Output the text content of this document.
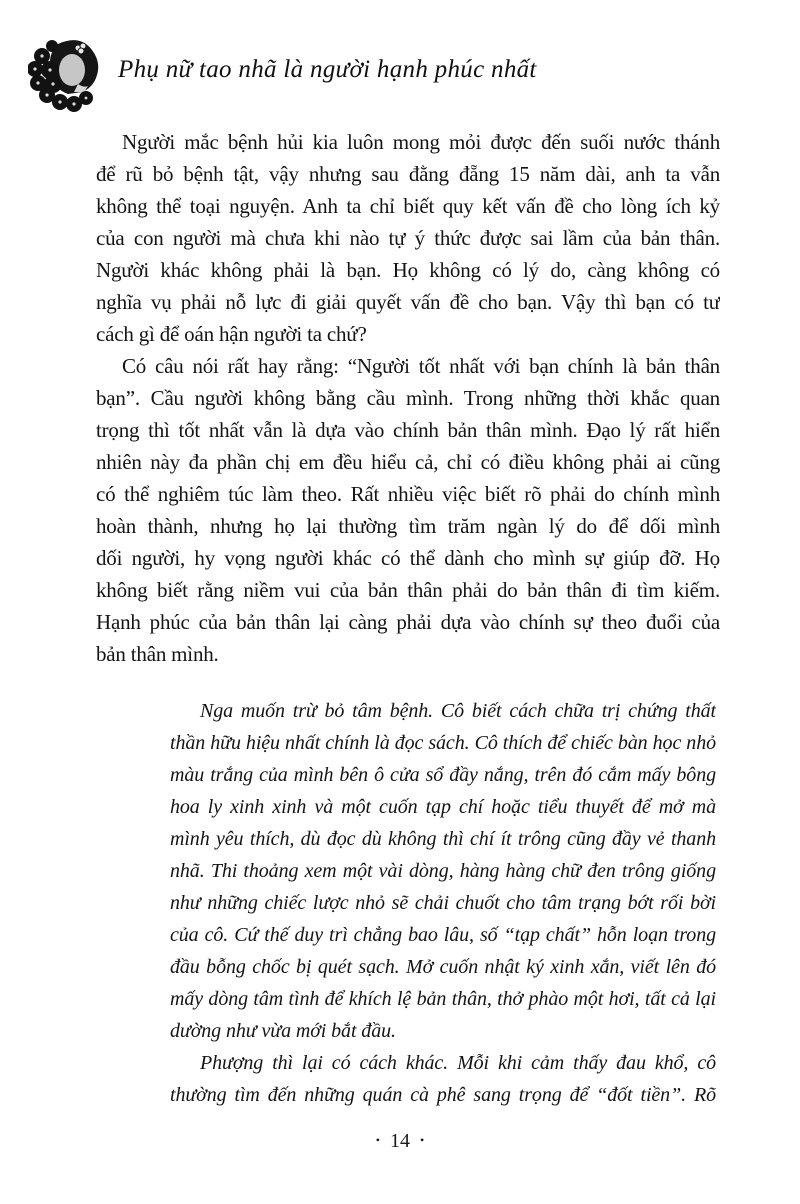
Phụ nữ tao nhã là người hạnh phúc nhất
Người mắc bệnh hủi kia luôn mong mỏi được đến suối nước thánh
để rũ bỏ bệnh tật, vậy nhưng sau đằng đẵng 15 năm dài, anh ta vẫn
không thể toại nguyện. Anh ta chỉ biết quy kết vấn đề cho lòng ích kỷ
của con người mà chưa khi nào tự ý thức được sai lầm của bản thân.
Người khác không phải là bạn. Họ không có lý do, càng không có
nghĩa vụ phải nỗ lực đi giải quyết vấn đề cho bạn. Vậy thì bạn có tư
cách gì để oán hận người ta chứ?
Có câu nói rất hay rằng: “Người tốt nhất với bạn chính là bản thân
bạn”. Cầu người không bằng cầu mình. Trong những thời khắc quan
trọng thì tốt nhất vẫn là dựa vào chính bản thân mình. Đạo lý rất hiển
nhiên này đa phần chị em đều hiểu cả, chỉ có điều không phải ai cũng
có thể nghiêm túc làm theo. Rất nhiều việc biết rõ phải do chính mình
hoàn thành, nhưng họ lại thường tìm trăm ngàn lý do để dối mình
dối người, hy vọng người khác có thể dành cho mình sự giúp đỡ. Họ
không biết rằng niềm vui của bản thân phải do bản thân đi tìm kiếm.
Hạnh phúc của bản thân lại càng phải dựa vào chính sự theo đuổi của
bản thân mình.
Nga muốn trừ bỏ tâm bệnh. Cô biết cách chữa trị chứng thất
thần hữu hiệu nhất chính là đọc sách. Cô thích để chiếc bàn học nhỏ
màu trắng của mình bên ô cửa sổ đầy nắng, trên đó cắm mấy bông
hoa ly xinh xinh và một cuốn tạp chí hoặc tiểu thuyết để mở mà
mình yêu thích, dù đọc dù không thì chí ít trông cũng đầy vẻ thanh
nhã. Thi thoảng xem một vài dòng, hàng hàng chữ đen trông giống
như những chiếc lược nhỏ sẽ chải chuốt cho tâm trạng bớt rối bời
của cô. Cứ thế duy trì chẳng bao lâu, số “tạp chất” hỗn loạn trong
đầu bỗng chốc bị quét sạch. Mở cuốn nhật ký xinh xắn, viết lên đó
mấy dòng tâm tình để khích lệ bản thân, thở phào một hơi, tất cả lại
dường như vừa mới bắt đầu.
Phượng thì lại có cách khác. Mỗi khi cảm thấy đau khổ, cô
thường tìm đến những quán cà phê sang trọng để “đốt tiền”. Rõ
• 14 •
